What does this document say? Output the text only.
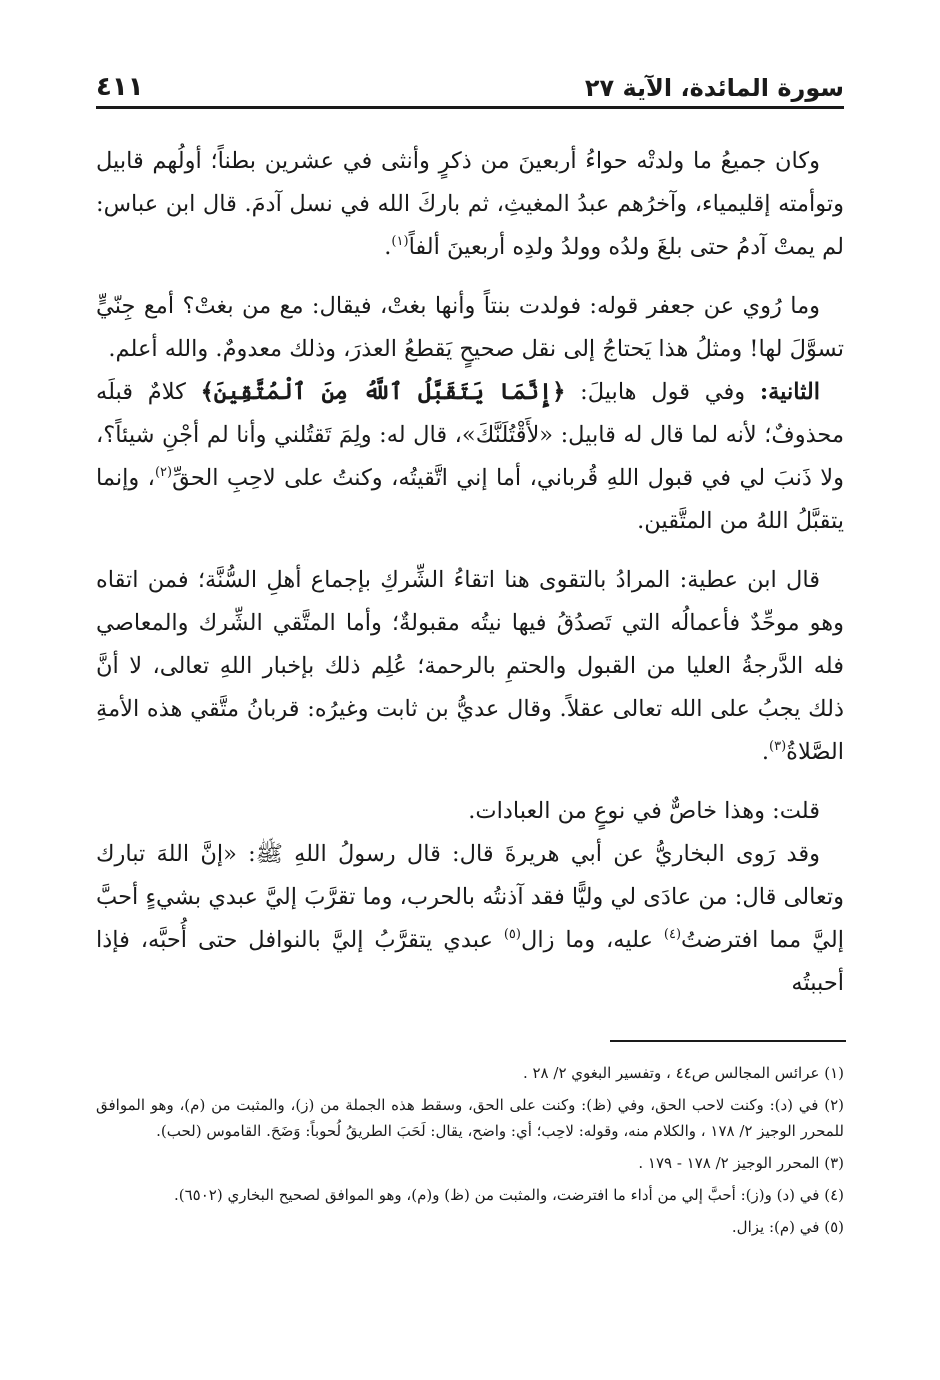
سورة المائدة، الآية ٢٧
٤١١

وكان جميعُ ما ولدتْه حواءُ أربعينَ من ذكرٍ وأنثى في عشرين بطناً؛ أولُهم قابيل وتوأمته إقليمياء، وآخرُهم عبدُ المغيثِ، ثم باركَ الله في نسل آدمَ. قال ابن عباس: لم يمتْ آدمُ حتى بلغَ ولدُه وولدُ ولدِه أربعينَ ألفاً$^{(١)}$.

وما رُوي عن جعفر قوله: فولدت بنتاً وأنها بغتْ، فيقال: مع من بغتْ؟ أمع جِنّيٍّ تسوَّلَ لها! ومثلُ هذا يَحتاجُ إلى نقل صحيحٍ يَقطعُ العذرَ، وذلك معدومٌ. والله أعلم.

الثانية: وفي قول هابيلَ: ﴿إِنَّمَا يَتَقَبَّلُ ٱللَّهُ مِنَ ٱلْمُتَّقِينَ﴾ كلامٌ قبلَه محذوفٌ؛ لأنه لما قال له قابيل: «لأَقْتُلَنَّكَ»، قال له: ولِمَ تَقتُلني وأنا لم أجْنِ شيئاً؟، ولا ذَنبَ لي في قبول اللهِ قُرباني، أما إني اتَّقيتُه، وكنتُ على لاحِبِ الحقِّ$^{(٢)}$، وإنما يتقبَّلُ اللهُ من المتَّقين.

قال ابن عطية: المرادُ بالتقوى هنا اتقاءُ الشِّركِ بإجماع أهلِ السُّنَّة؛ فمن اتقاه وهو موحِّدٌ فأعمالُه التي تَصدُقُ فيها نيتُه مقبولةٌ؛ وأما المتَّقي الشِّرك والمعاصي فله الدَّرجةُ العليا من القبول والحتمِ بالرحمة؛ عُلِم ذلك بإخبار اللهِ تعالى، لا أنَّ ذلك يجبُ على الله تعالى عقلاً. وقال عديُّ بن ثابت وغيرُه: قربانُ متَّقي هذه الأمةِ الصَّلاةُ$^{(٣)}$.

قلت: وهذا خاصٌّ في نوعٍ من العبادات.

وقد رَوى البخاريُّ عن أبي هريرةَ قال: قال رسولُ اللهِ ﷺ: «إنَّ اللهَ تبارك وتعالى قال: من عادَى لي وليًّا فقد آذنتُه بالحرب، وما تقرَّبَ إليَّ عبدي بشيءٍ أحبَّ إليَّ مما افترضتُ$^{(٤)}$ عليه، وما زال$^{(٥)}$ عبدي يتقرَّبُ إليَّ بالنوافل حتى أُحبَّه، فإذا أحببتُه

(١) عرائس المجالس ص٤٤ ، وتفسير البغوي ٢/ ٢٨ .
(٢) في (د): وكنت لاحب الحق، وفي (ظ): وكنت على الحق، وسقط هذه الجملة من (ز)، والمثبت من (م)، وهو الموافق للمحرر الوجيز ٢/ ١٧٨ ، والكلام منه، وقوله: لاحِب؛ أي: واضح، يقال: لَحَبَ الطريقُ لُحوباً: وَضَحَ. القاموس (لحب).
(٣) المحرر الوجيز ٢/ ١٧٨ - ١٧٩ .
(٤) في (د) و(ز): أحبَّ إلي من أداء ما افترضت، والمثبت من (ظ) و(م)، وهو الموافق لصحيح البخاري (٦٥٠٢).
(٥) في (م): يزال.
